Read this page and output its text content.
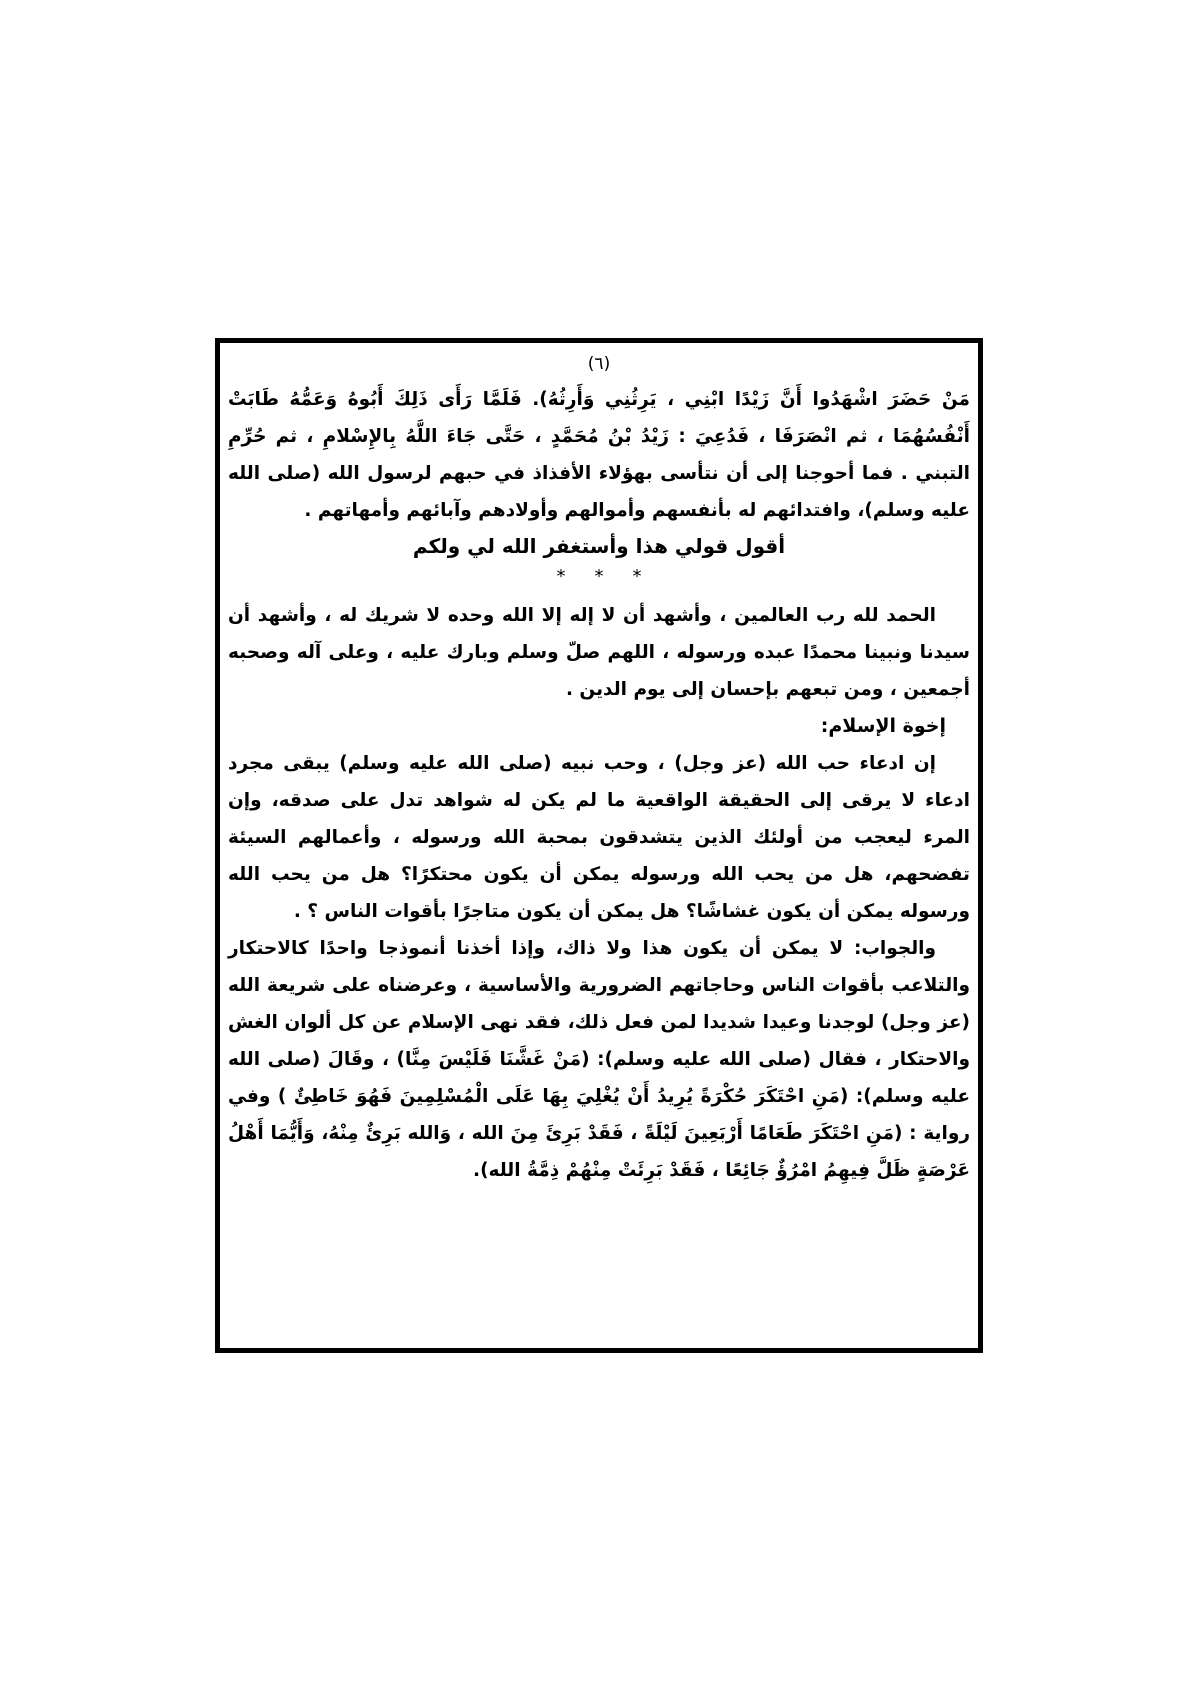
(٦)

مَنْ حَضَرَ اشْهَدُوا أَنَّ زَيْدًا ابْنِي ، يَرِثُنِي وَأَرِثُهُ). فَلَمَّا رَأَى ذَلِكَ أَبُوهُ وَعَمُّهُ طَابَتْ أَنْفُسُهُمَا ، ثم انْصَرَفَا ، فَدُعِيَ : زَيْدُ بْنُ مُحَمَّدٍ ، حَتَّى جَاءَ اللَّهُ بِالإِسْلامِ ، ثم حُرِّمِ التبني . فما أحوجنا إلى أن نتأسى بهؤلاء الأفذاذ في حبهم لرسول الله (صلى الله عليه وسلم)، وافتدائهم له بأنفسهم وأموالهم وأولادهم وآبائهم وأمهاتهم .

أقول قولي هذا وأستغفر الله لي ولكم

***

الحمد لله رب العالمين ، وأشهد أن لا إله إلا الله وحده لا شريك له ، وأشهد أن سيدنا ونبينا محمدًا عبده ورسوله ، اللهم صلّ وسلم وبارك عليه ، وعلى آله وصحبه أجمعين ، ومن تبعهم بإحسان إلى يوم الدين .

إخوة الإسلام:

إن ادعاء حب الله (عز وجل) ، وحب نبيه (صلى الله عليه وسلم) يبقى مجرد ادعاء لا يرقى إلى الحقيقة الواقعية ما لم يكن له شواهد تدل على صدقه، وإن المرء ليعجب من أولئك الذين يتشدقون بمحبة الله ورسوله ، وأعمالهم السيئة تفضحهم، هل من يحب الله ورسوله يمكن أن يكون محتكرًا؟ هل من يحب الله ورسوله يمكن أن يكون غشاشًا؟ هل يمكن أن يكون متاجرًا بأقوات الناس ؟ .

والجواب: لا يمكن أن يكون هذا ولا ذاك، وإذا أخذنا أنموذجا واحدًا كالاحتكار والتلاعب بأقوات الناس وحاجاتهم الضرورية والأساسية ، وعرضناه على شريعة الله (عز وجل) لوجدنا وعيدا شديدا لمن فعل ذلك، فقد نهى الإسلام عن كل ألوان الغش والاحتكار ، فقال (صلى الله عليه وسلم): (مَنْ غَشَّنَا فَلَيْسَ مِنَّا) ، وقَالَ (صلى الله عليه وسلم): (مَنِ احْتَكَرَ حُكْرَةً يُرِيدُ أَنْ يُغْلِيَ بِهَا عَلَى الْمُسْلِمِينَ فَهُوَ خَاطِئٌ ) وفي رواية : (مَنِ احْتَكَرَ طَعَامًا أَرْبَعِينَ لَيْلَةً ، فَقَدْ بَرِئَ مِنَ الله ، وَالله بَرِئٌ مِنْهُ، وَأَيُّمَا أَهْلُ عَرْصَةٍ ظَلَّ فِيهِمُ امْرُؤٌ جَائِعًا ، فَقَدْ بَرِئَتْ مِنْهُمْ ذِمَّةُ الله).
